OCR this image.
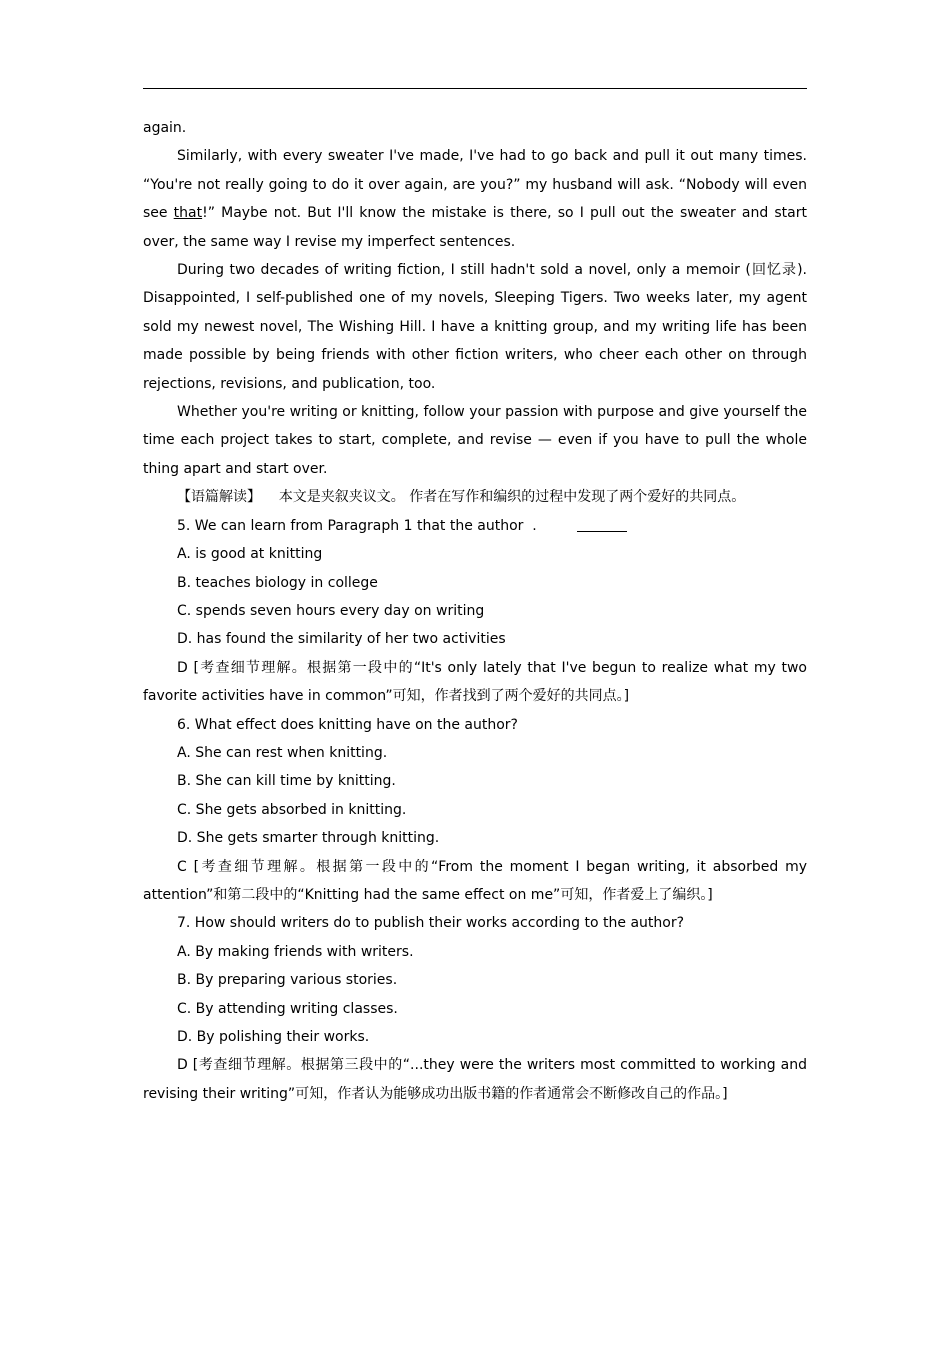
again.

Similarly, with every sweater I've made, I've had to go back and pull it out many times. “You're not really going to do it over again, are you?” my husband will ask. “Nobody will even see that!” Maybe not. But I'll know the mistake is there, so I pull out the sweater and start over, the same way I revise my imperfect sentences.

During two decades of writing fiction, I still hadn't sold a novel, only a memoir (回忆录). Disappointed, I self-published one of my novels, Sleeping Tigers. Two weeks later, my agent sold my newest novel, The Wishing Hill. I have a knitting group, and my writing life has been made possible by being friends with other fiction writers, who cheer each other on through rejections, revisions, and publication, too.

Whether you're writing or knitting, follow your passion with purpose and give yourself the time each project takes to start, complete, and revise — even if you have to pull the whole thing apart and start over.

【语篇解读】 本文是夹叙夹议文。 作者在写作和编织的过程中发现了两个爱好的共同点。

5. We can learn from Paragraph 1 that the author  .

A. is good at knitting

B. teaches biology in college

C. spends seven hours every day on writing

D. has found the similarity of her two activities

D [考查细节理解。根据第一段中的“It's only lately that I've begun to realize what my two favorite activities have in common”可知，作者找到了两个爱好的共同点。]

6. What effect does knitting have on the author?

A. She can rest when knitting.

B. She can kill time by knitting.

C. She gets absorbed in knitting.

D. She gets smarter through knitting.

C [考查细节理解。根据第一段中的“From the moment I began writing, it absorbed my attention”和第二段中的“Knitting had the same effect on me”可知，作者爱上了编织。]

7. How should writers do to publish their works according to the author?

A. By making friends with writers.

B. By preparing various stories.

C. By attending writing classes.

D. By polishing their works.

D [考查细节理解。根据第三段中的“...they were the writers most committed to working and revising their writing”可知，作者认为能够成功出版书籍的作者通常会不断修改自己的作品。]
